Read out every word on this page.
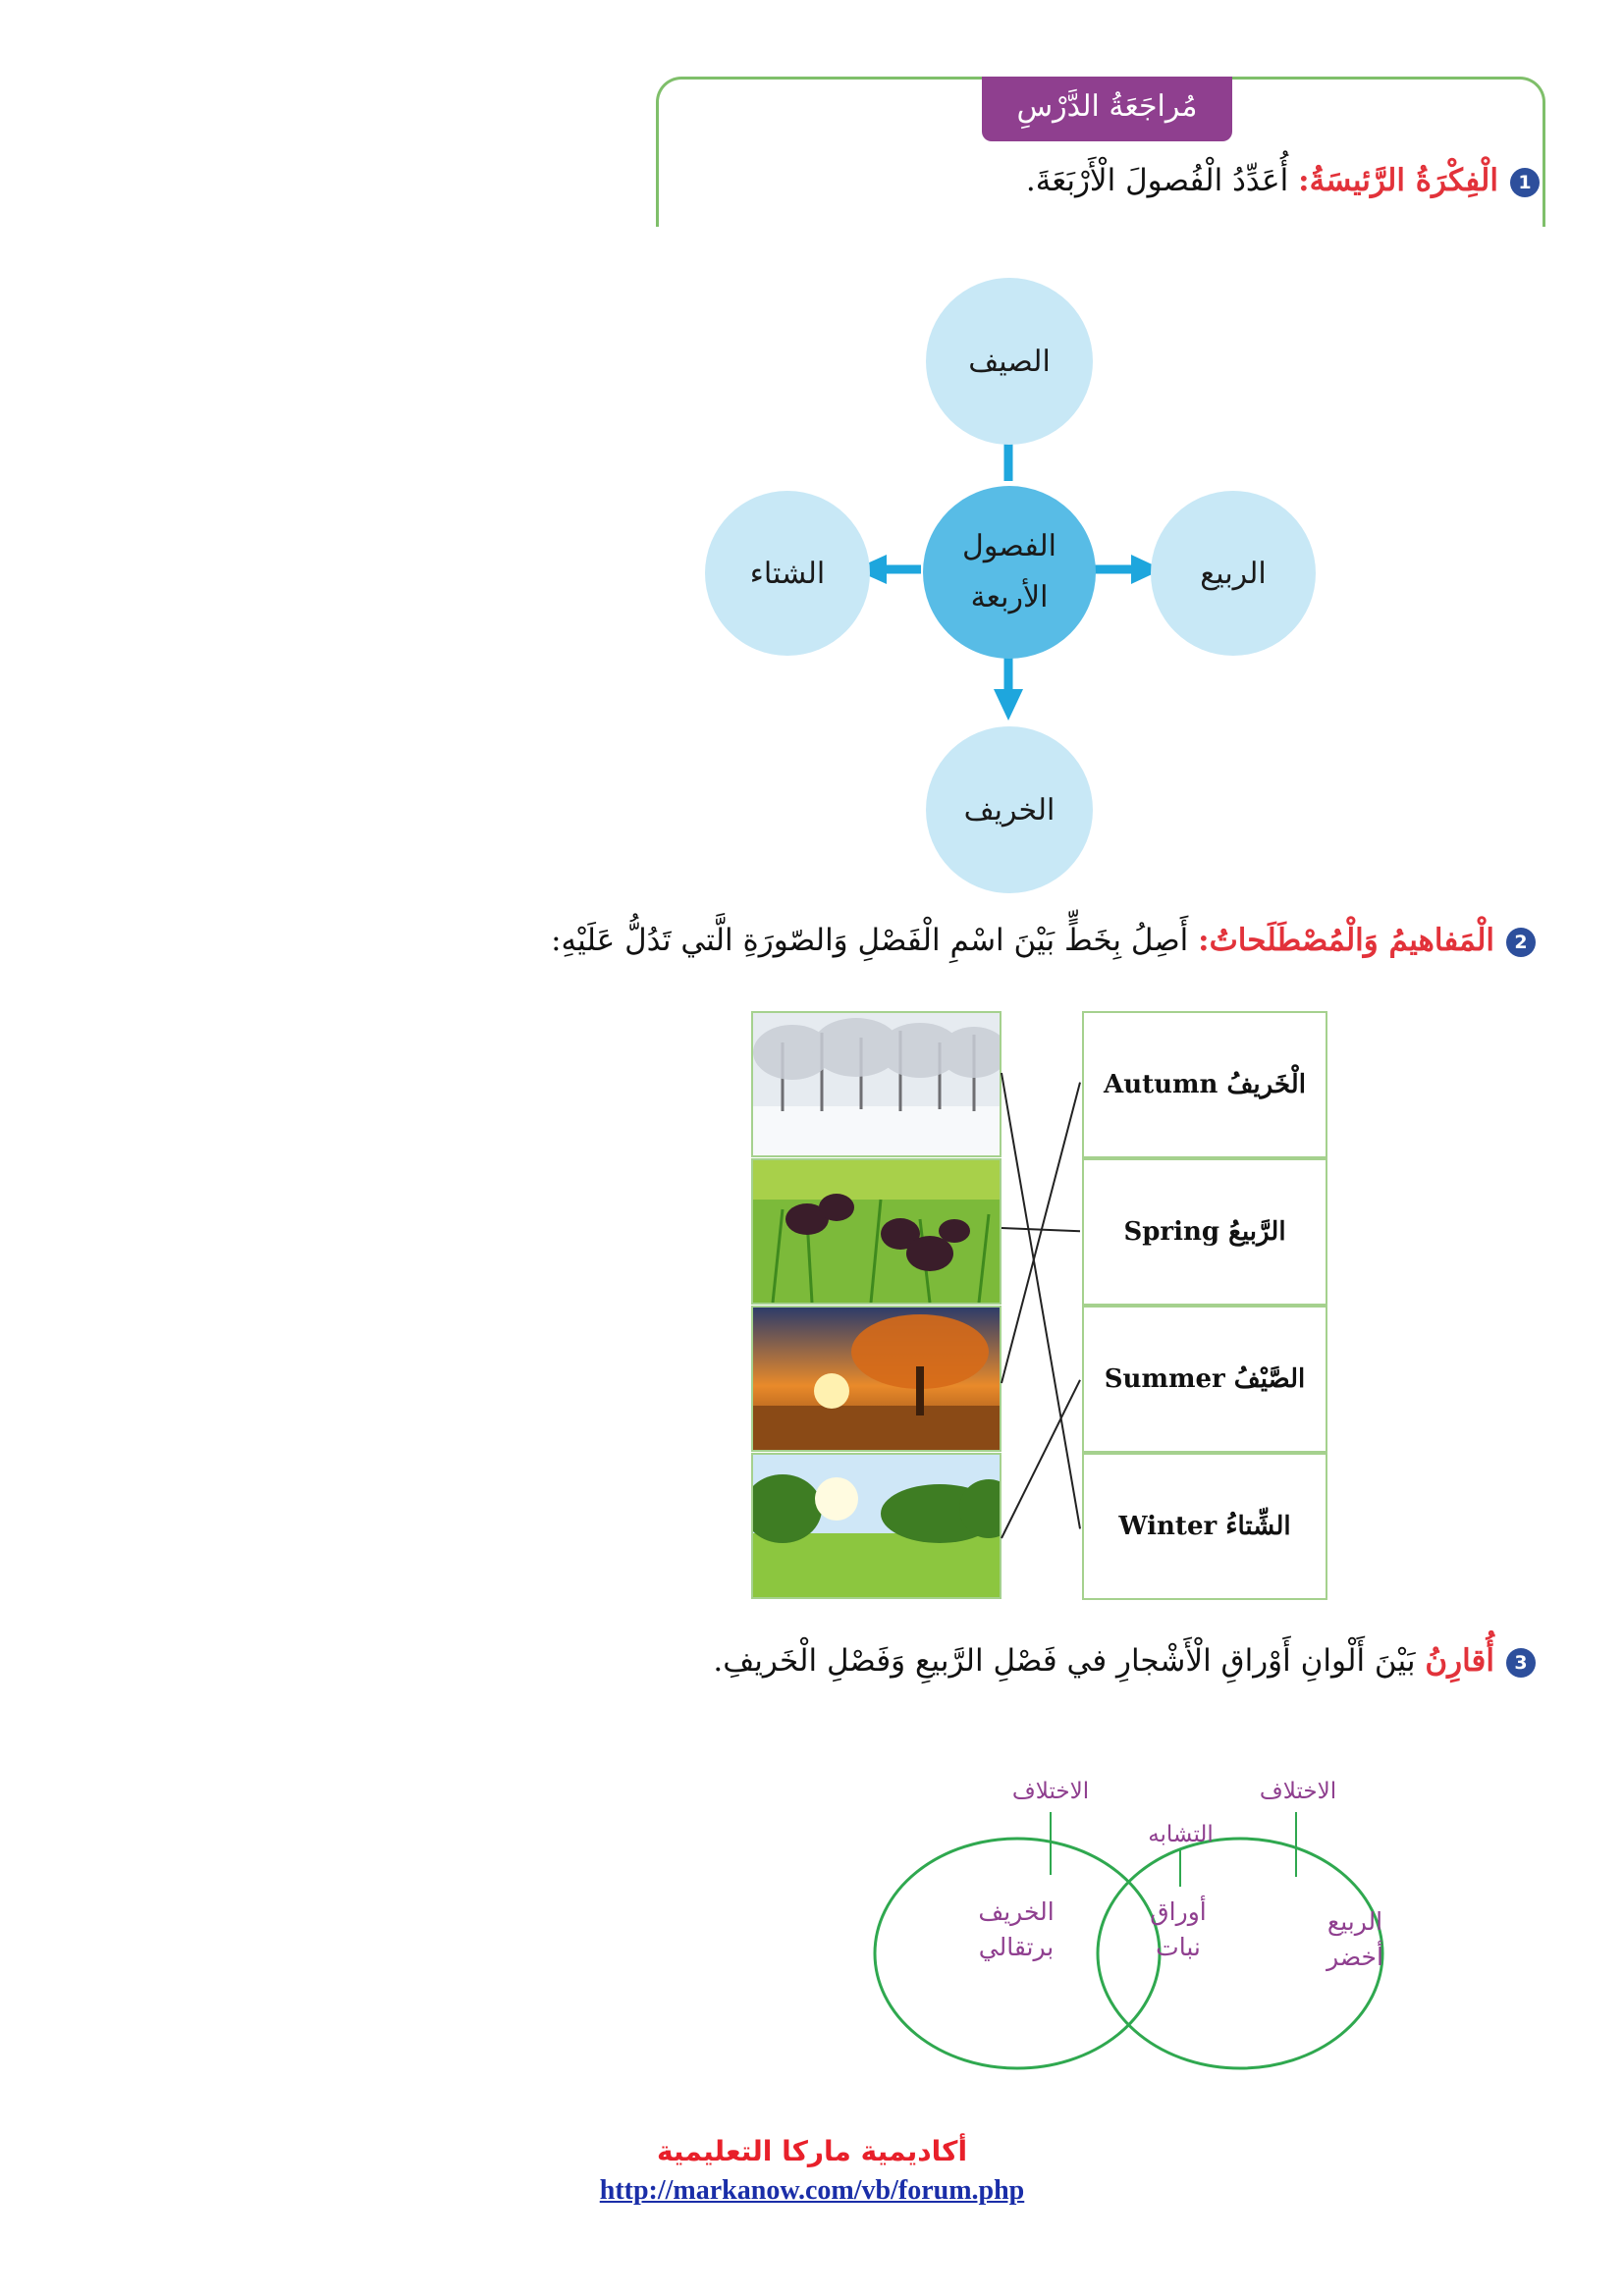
مُراجَعَةُ الدَّرْسِ
1الْفِكْرَةُ الرَّئيسَةُ: أُعَدِّدُ الْفُصولَ الْأَرْبَعَةَ.
الصيف
الخريف
الربيع
الشتاء
الفصول
الأربعة
2الْمَفاهيمُ وَالْمُصْطَلَحاتُ: أَصِلُ بِخَطٍّ بَيْنَ اسْمِ الْفَصْلِ وَالصّورَةِ الَّتي تَدُلُّ عَلَيْهِ:
Autumn
الْخَريفُ
Spring
الرَّبيعُ
Summer
الصَّيْفُ
Winter
الشِّتاءُ
3أُقارِنُ بَيْنَ أَلْوانِ أَوْراقِ الْأَشْجارِ في فَصْلِ الرَّبيعِ وَفَصْلِ الْخَريفِ.
الاختلاف	الاختلاف
التشابه
الخريف
برتقالي
أوراق
نبات
الربيع
أخضر
أكاديمية ماركا التعليمية
http://markanow.com/vb/forum.php
